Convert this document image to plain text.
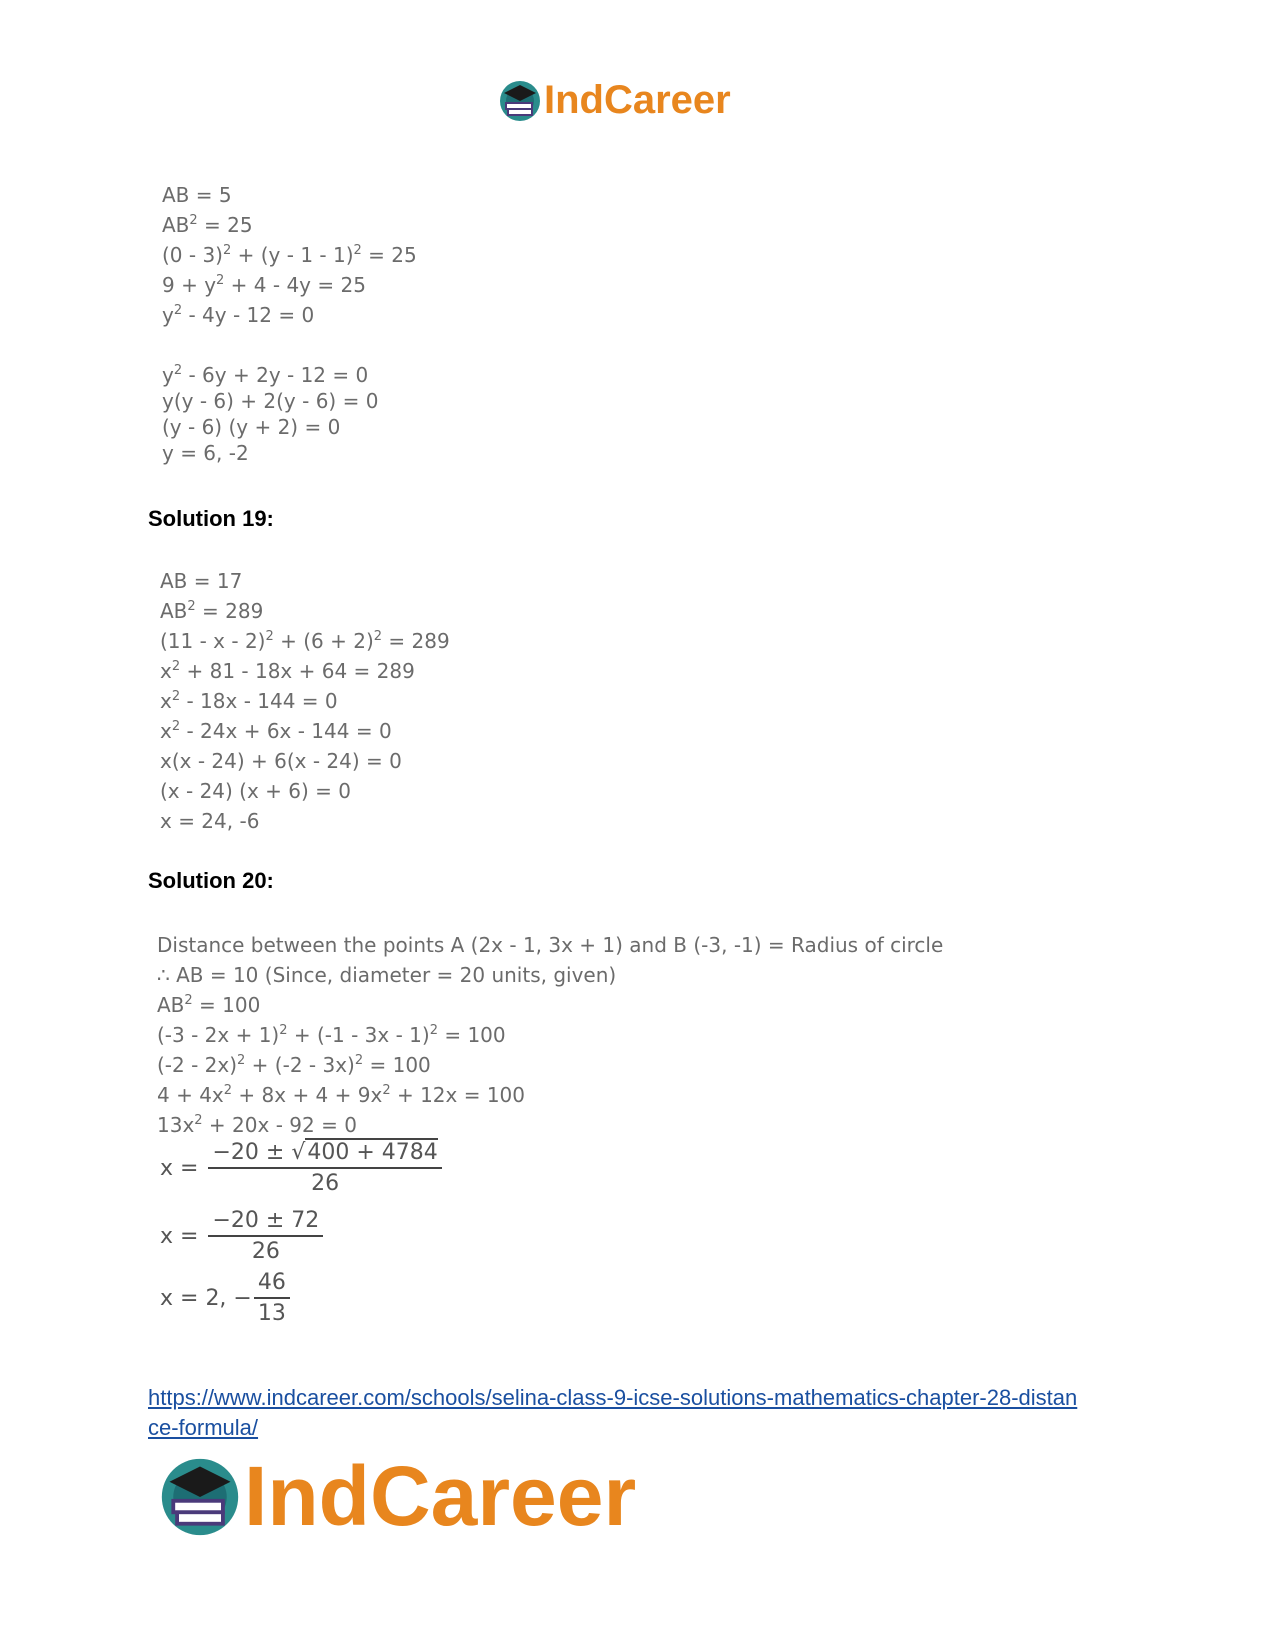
IndCareer
AB = 5
$AB^2 = 25$
(0 - 3)$^2$ + (y - 1 - 1)$^2$ = 25
$9 + y^2 + 4 - 4y = 25$
$y^2 - 4y - 12 = 0$
$y^2 - 6y + 2y - 12 = 0$
y(y - 6) + 2(y - 6) = 0
(y - 6) (y + 2) = 0
y = 6, -2
Solution 19:
AB = 17
$AB^2 = 289$
$(11 - x - 2)^2 + (6 + 2)^2 = 289$
$x^2 + 81 - 18x + 64 = 289$
$x^2 - 18x - 144 = 0$
$x^2 - 24x + 6x - 144 = 0$
x(x - 24) + 6(x - 24) = 0
(x - 24) (x + 6) = 0
x = 24, -6
Solution 20:
Distance between the points A (2x - 1, 3x + 1) and B (-3, -1) = Radius of circle
∴ AB = 10 (Since, diameter = 20 units, given)
$AB^2 = 100$
$(-3 - 2x + 1)^2 + (-1 - 3x - 1)^2 = 100$
(-2 - 2x)$^2$ + (-2 - 3x)$^2$ = 100
$4 + 4x^2 + 8x + 4 + 9x^2 + 12x = 100$
$13x^2 + 20x - 92 = 0$
$x = \frac{-20 \pm √400 + 4784}{26}$
$x = \frac{-20 \pm 72}{26}$
x = 2, − $\frac{46}{13}$
https://www.indcareer.com/schools/selina-class-9-icse-solutions-mathematics-chapter-28-distan
ce-formula/
IndCareer
